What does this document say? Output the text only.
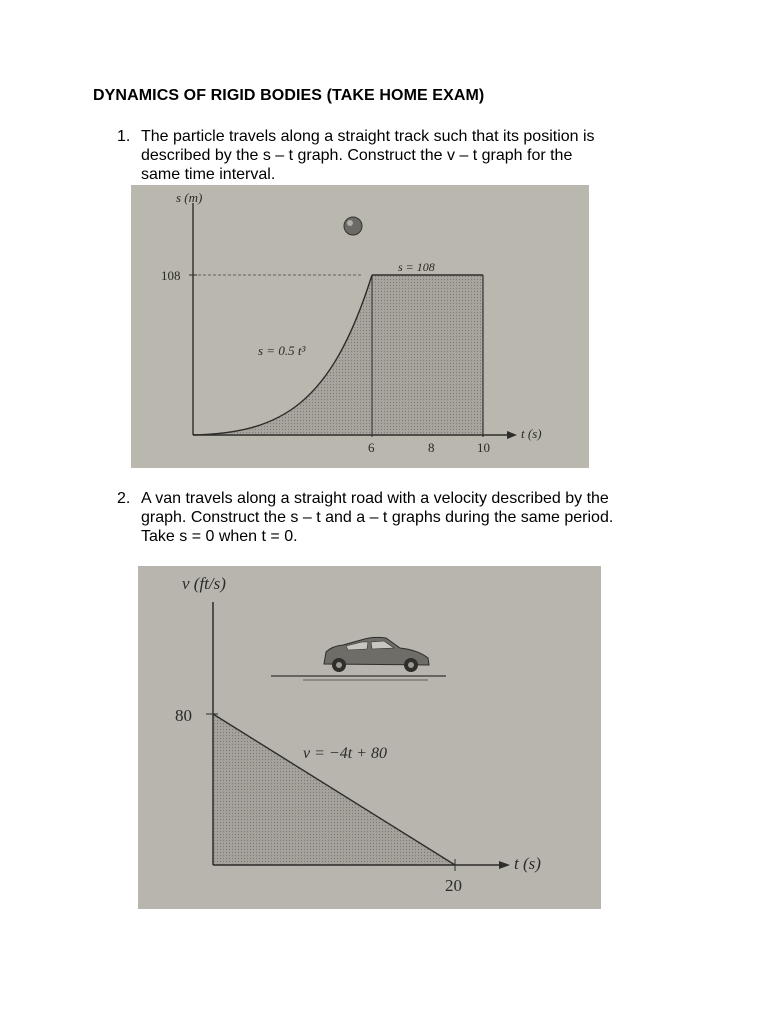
DYNAMICS OF RIGID BODIES (TAKE HOME EXAM)
1. The particle travels along a straight track such that its position is
described by the s – t graph. Construct the v – t graph for the
same time interval.
s (m)
108
s = 108
s = 0.5 t³
t (s)
6	8	10
2. A van travels along a straight road with a velocity described by the
graph. Construct the s – t and a – t graphs during the same period.
Take s = 0 when t = 0.
v (ft/s)
80
v = −4t + 80
t (s)
20
